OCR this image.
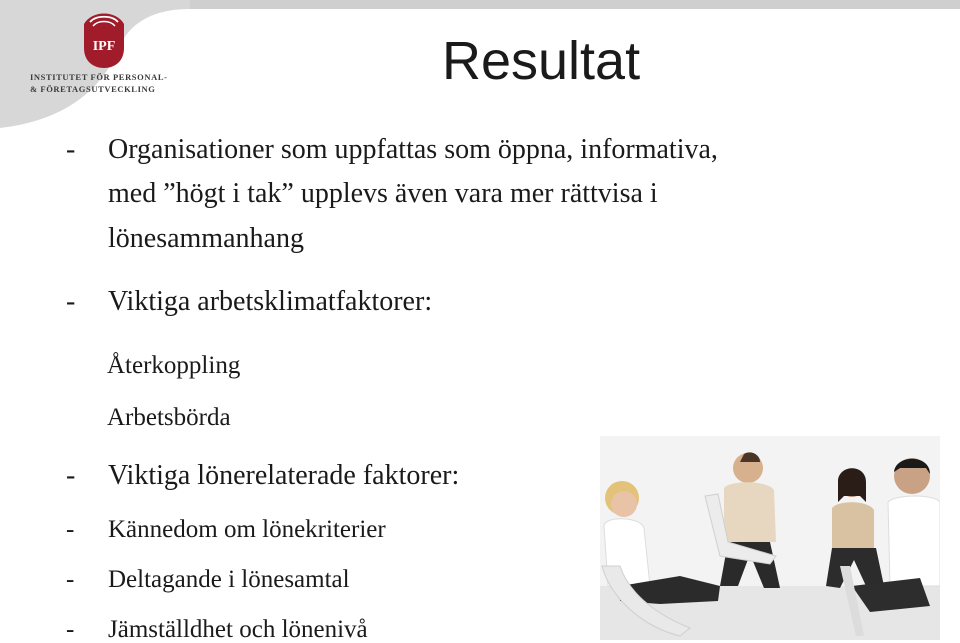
IPF
INSTITUTET FÖR PERSONAL-
& FÖRETAGSUTVECKLING	Resultat
- Organisationer som uppfattas som öppna, informativa,
med ”högt i tak” upplevs även vara mer rättvisa i
lönesammanhang
- Viktiga arbetsklimatfaktorer:
Återkoppling
Arbetsbörda
- Viktiga lönerelaterade faktorer:
- Kännedom om lönekriterier
- Deltagande i lönesamtal
- Jämställdhet och lönenivå
